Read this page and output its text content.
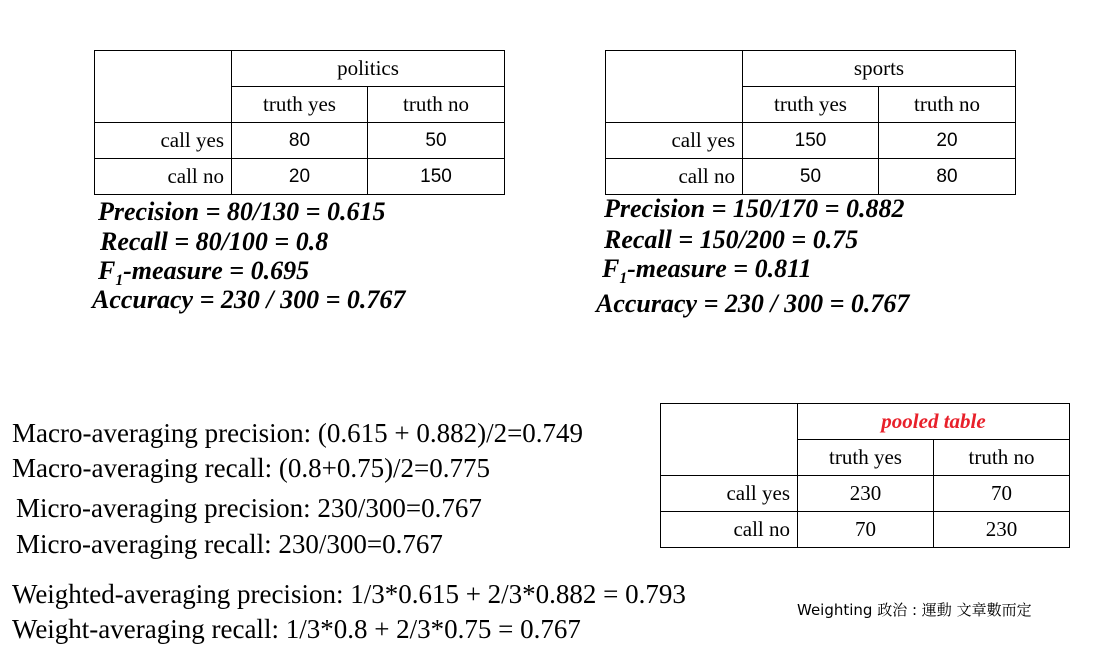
	politics	
	truth yes	truth no
call yes	80	50
call no	20	150
	sports	
	truth yes	truth no
call yes	150	20
call no	50	80
Precision = 80/130 = 0.615
Recall = 80/100 = 0.8
$F_1$-measure = 0.695
Accuracy = 230 / 300 = 0.767
Precision = 150/170 = 0.882
Recall = 150/200 = 0.75
$F_1$-measure = 0.811
Accuracy = 230 / 300 = 0.767
	pooled table	
	truth yes	truth no
call yes	230	70
call no	70	230
Macro-averaging precision: (0.615 + 0.882)/2=0.749
Macro-averaging recall: (0.8+0.75)/2=0.775
Micro-averaging precision: 230/300=0.767
Micro-averaging recall: 230/300=0.767
Weighted-averaging precision: 1/3*0.615 + 2/3*0.882 = 0.793
Weight-averaging recall: 1/3*0.8 + 2/3*0.75 = 0.767
Weighting 政治 : 運動 文章數而定
